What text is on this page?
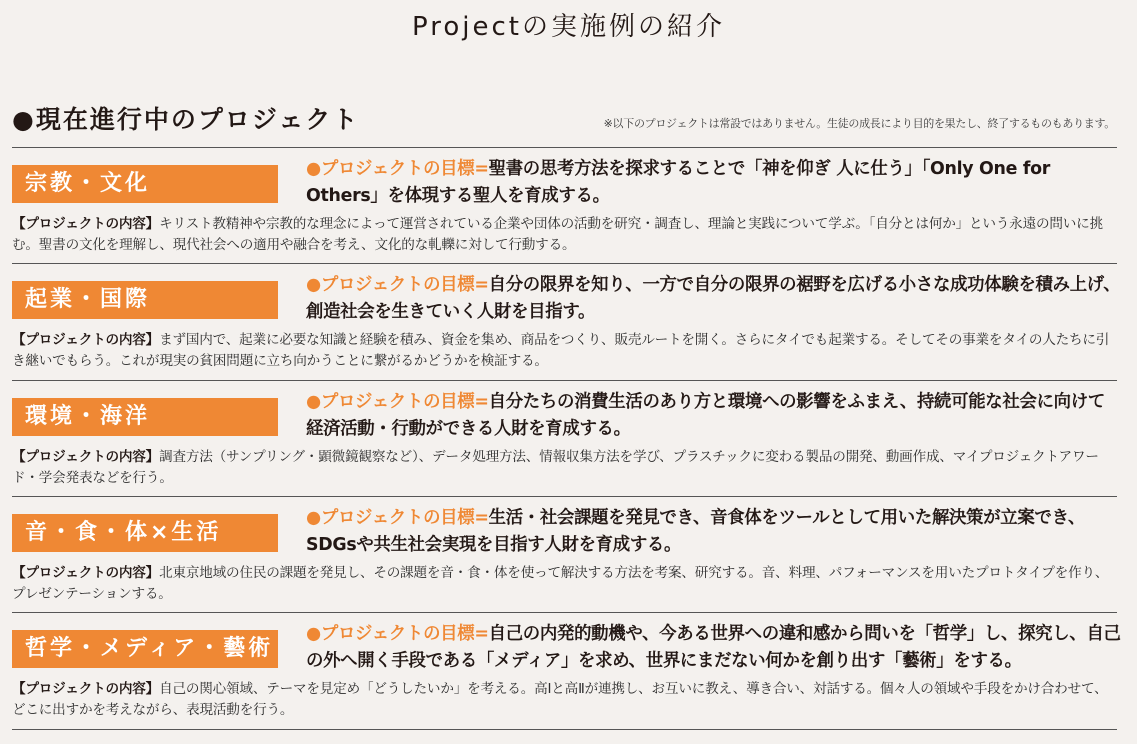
Projectの実施例の紹介
●現在進行中のプロジェクト	※以下のプロジェクトは常設ではありません。生徒の成長により目的を果たし、終了するものもあります。
宗教・文化
●プロジェクトの目標=聖書の思考方法を探求することで「神を仰ぎ 人に仕う」「Only One for Others」を体現する聖人を育成する。
【プロジェクトの内容】キリスト教精神や宗教的な理念によって運営されている企業や団体の活動を研究・調査し、理論と実践について学ぶ。「自分とは何か」という永遠の問いに挑む。聖書の文化を理解し、現代社会への適用や融合を考え、文化的な軋轢に対して行動する。
起業・国際
●プロジェクトの目標=自分の限界を知り、一方で自分の限界の裾野を広げる小さな成功体験を積み上げ、創造社会を生きていく人財を目指す。
【プロジェクトの内容】まず国内で、起業に必要な知識と経験を積み、資金を集め、商品をつくり、販売ルートを開く。さらにタイでも起業する。そしてその事業をタイの人たちに引き継いでもらう。これが現実の貧困問題に立ち向かうことに繋がるかどうかを検証する。
環境・海洋
●プロジェクトの目標=自分たちの消費生活のあり方と環境への影響をふまえ、持続可能な社会に向けて経済活動・行動ができる人財を育成する。
【プロジェクトの内容】調査方法（サンプリング・顕微鏡観察など）、データ処理方法、情報収集方法を学び、プラスチックに変わる製品の開発、動画作成、マイプロジェクトアワード・学会発表などを行う。
音・食・体×生活
●プロジェクトの目標=生活・社会課題を発見でき、音食体をツールとして用いた解決策が立案でき、SDGsや共生社会実現を目指す人財を育成する。
【プロジェクトの内容】北東京地域の住民の課題を発見し、その課題を音・食・体を使って解決する方法を考案、研究する。音、料理、パフォーマンスを用いたプロトタイプを作り、プレゼンテーションする。
哲学・メディア・藝術
●プロジェクトの目標=自己の内発的動機や、今ある世界への違和感から問いを「哲学」し、探究し、自己の外へ開く手段である「メディア」を求め、世界にまだない何かを創り出す「藝術」をする。
【プロジェクトの内容】自己の関心領域、テーマを見定め「どうしたいか」を考える。高Ⅰと高Ⅱが連携し、お互いに教え、導き合い、対話する。個々人の領域や手段をかけ合わせて、どこに出すかを考えながら、表現活動を行う。
